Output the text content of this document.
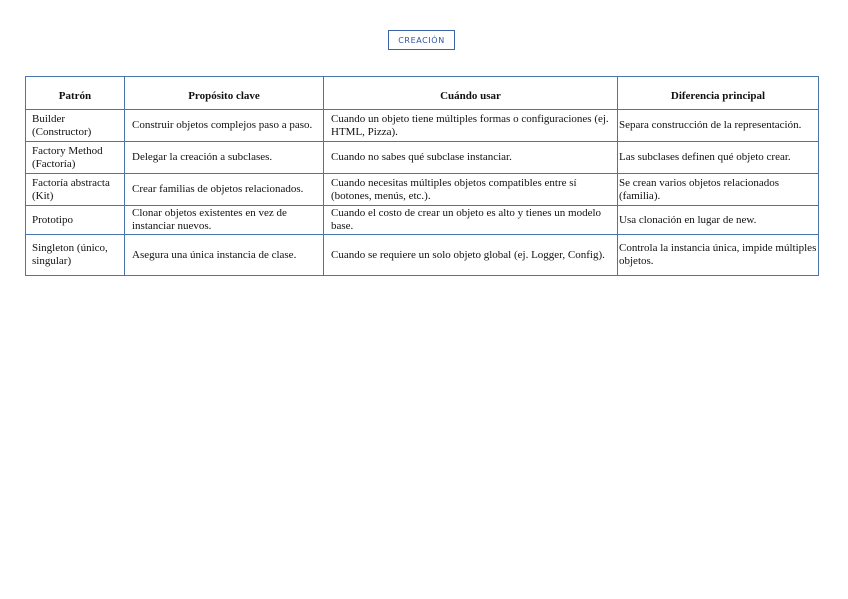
CREACIÓN
Patrón	Propósito clave	Cuándo usar	Diferencia principal
Builder (Constructor)	Construir objetos complejos paso a paso.	Cuando un objeto tiene múltiples formas o configuraciones (ej. HTML, Pizza).	Separa construcción de la representación.
Factory Method (Factoría)	Delegar la creación a subclases.	Cuando no sabes qué subclase instanciar.	Las subclases definen qué objeto crear.
Factoría abstracta (Kit)	Crear familias de objetos relacionados.	Cuando necesitas múltiples objetos compatibles entre sí (botones, menús, etc.).	Se crean varios objetos relacionados (familia).
Prototipo	Clonar objetos existentes en vez de instanciar nuevos.	Cuando el costo de crear un objeto es alto y tienes un modelo base.	Usa clonación en lugar de new.
Singleton (único, singular)	Asegura una única instancia de clase.	Cuando se requiere un solo objeto global (ej. Logger, Config).	Controla la instancia única, impide múltiples objetos.
